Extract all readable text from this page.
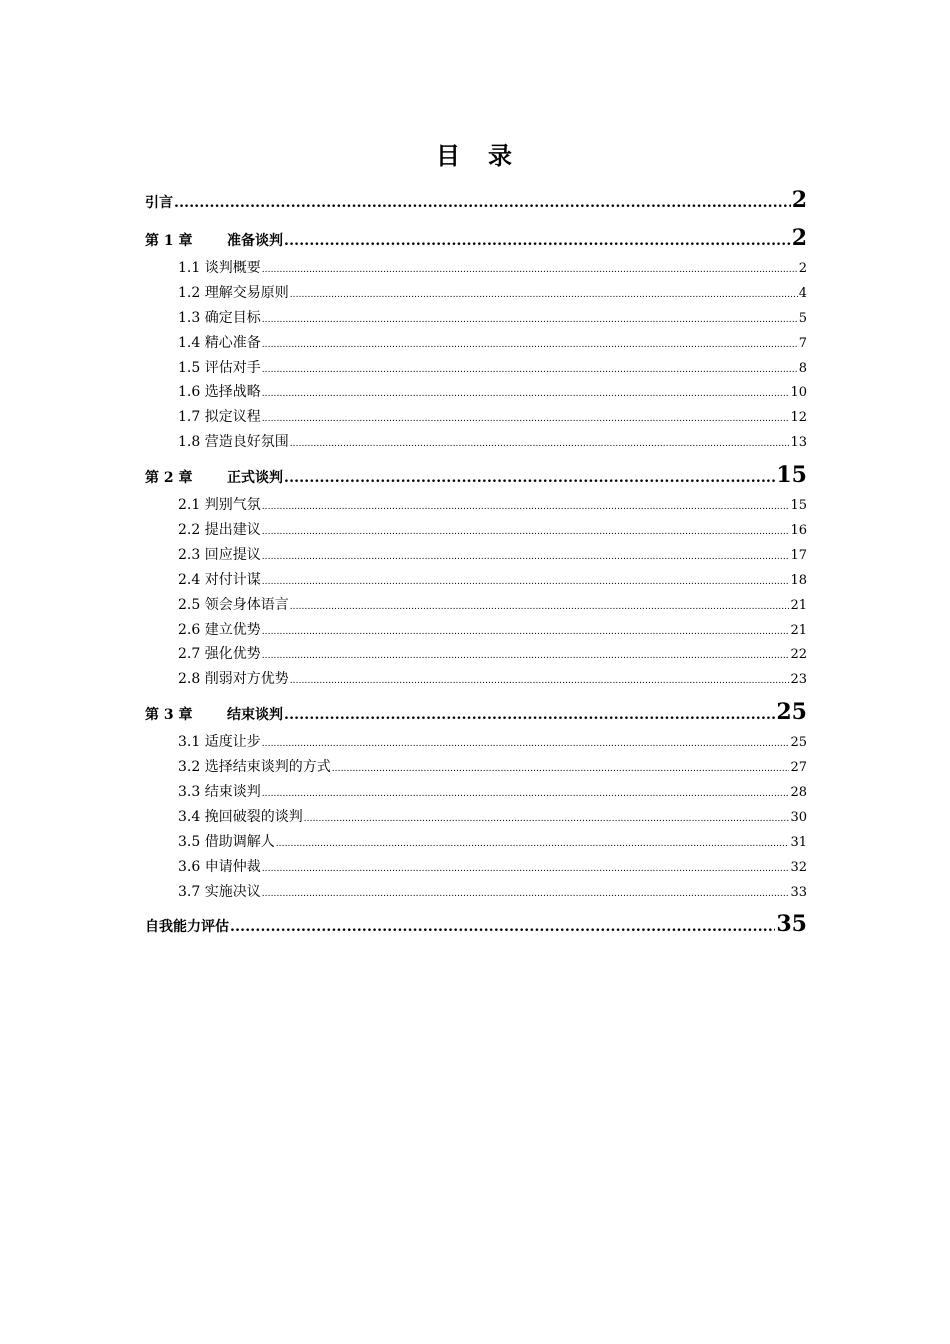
目　录
引言 .....	2
第 1 章 准备谈判 .....	2
1.1 谈判概要 .....	2
1.2 理解交易原则 .....	4
1.3 确定目标 .....	5
1.4 精心准备 .....	7
1.5 评估对手 .....	8
1.6 选择战略 .....	10
1.7 拟定议程 .....	12
1.8 营造良好氛围 .....	13
第 2 章 正式谈判 .....	15
2.1 判别气氛 .....	15
2.2 提出建议 .....	16
2.3 回应提议 .....	17
2.4 对付计谋 .....	18
2.5 领会身体语言 .....	21
2.6 建立优势 .....	21
2.7 强化优势 .....	22
2.8 削弱对方优势 .....	23
第 3 章 结束谈判 .....	25
3.1 适度让步 .....	25
3.2 选择结束谈判的方式 .....	27
3.3 结束谈判 .....	28
3.4 挽回破裂的谈判 .....	30
3.5 借助调解人 .....	31
3.6 申请仲裁 .....	32
3.7 实施决议 .....	33
自我能力评估 .....	35
